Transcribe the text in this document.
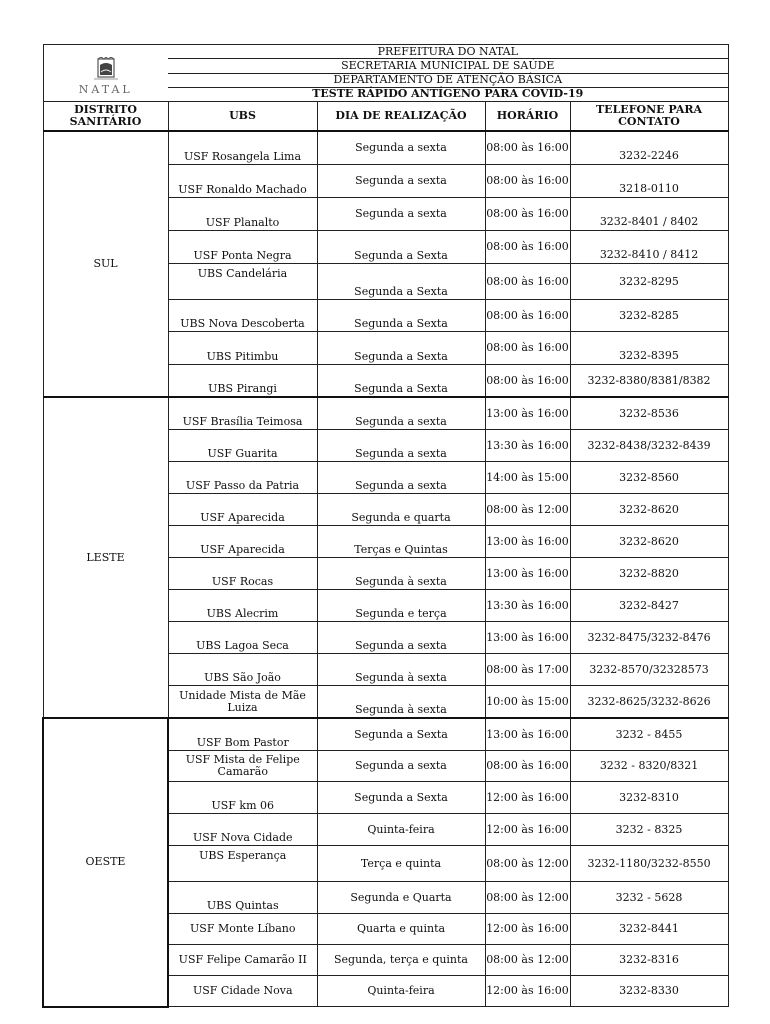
NATAL	PREFEITURA DO NATAL			
	SECRETARIA MUNICIPAL DE SAÚDE			
	DEPARTAMENTO DE ATENÇÃO BÁSICA			
	TESTE RÁPIDO ANTÍGENO PARA COVID-19			
DISTRITO SANITÁRIO	UBS	DIA DE REALIZAÇÃO	HORÁRIO	TELEFONE PARA CONTATO
SUL	USF Rosangela Lima	Segunda a sexta	08:00 às 16:00	3232-2246
	USF Ronaldo Machado	Segunda a sexta	08:00 às 16:00	3218-0110
	USF Planalto	Segunda a sexta	08:00 às 16:00	3232-8401 / 8402
	USF Ponta Negra	Segunda a Sexta	08:00 às 16:00	3232-8410 / 8412
	UBS Candelária	Segunda a Sexta	08:00 às 16:00	3232-8295
	UBS Nova Descoberta	Segunda a Sexta	08:00 às 16:00	3232-8285
	UBS Pitimbu	Segunda a Sexta	08:00 às 16:00	3232-8395
	UBS Pirangi	Segunda a Sexta	08:00 às 16:00	3232-8380/8381/8382
LESTE	USF Brasília Teimosa	Segunda a sexta	13:00 às 16:00	3232-8536
	USF Guarita	Segunda a sexta	13:30 às 16:00	3232-8438/3232-8439
	USF Passo da Patria	Segunda a sexta	14:00 às 15:00	3232-8560
	USF Aparecida	Segunda e quarta	08:00 às 12:00	3232-8620
	USF Aparecida	Terças e Quintas	13:00 às 16:00	3232-8620
	USF Rocas	Segunda à sexta	13:00 às 16:00	3232-8820
	UBS Alecrim	Segunda e terça	13:30 às 16:00	3232-8427
	UBS Lagoa Seca	Segunda a sexta	13:00 às 16:00	3232-8475/3232-8476
	UBS São João	Segunda à sexta	08:00 às 17:00	3232-8570/32328573
	Unidade Mista de Mãe Luiza	Segunda à sexta	10:00 às 15:00	3232-8625/3232-8626
OESTE	USF Bom Pastor	Segunda a Sexta	13:00 às 16:00	3232 - 8455
	USF Mista de Felipe Camarão	Segunda a sexta	08:00 às 16:00	3232 - 8320/8321
	USF km 06	Segunda a Sexta	12:00 às 16:00	3232-8310
	USF Nova Cidade	Quinta-feira	12:00 às 16:00	3232 - 8325
	UBS Esperança	Terça e quinta	08:00 às 12:00	3232-1180/3232-8550
	UBS Quintas	Segunda e Quarta	08:00 às 12:00	3232 - 5628
	USF Monte Líbano	Quarta e quinta	12:00 às 16:00	3232-8441
	USF Felipe Camarão II	Segunda, terça e quinta	08:00 às 12:00	3232-8316
	USF Cidade Nova	Quinta-feira	12:00 às 16:00	3232-8330
